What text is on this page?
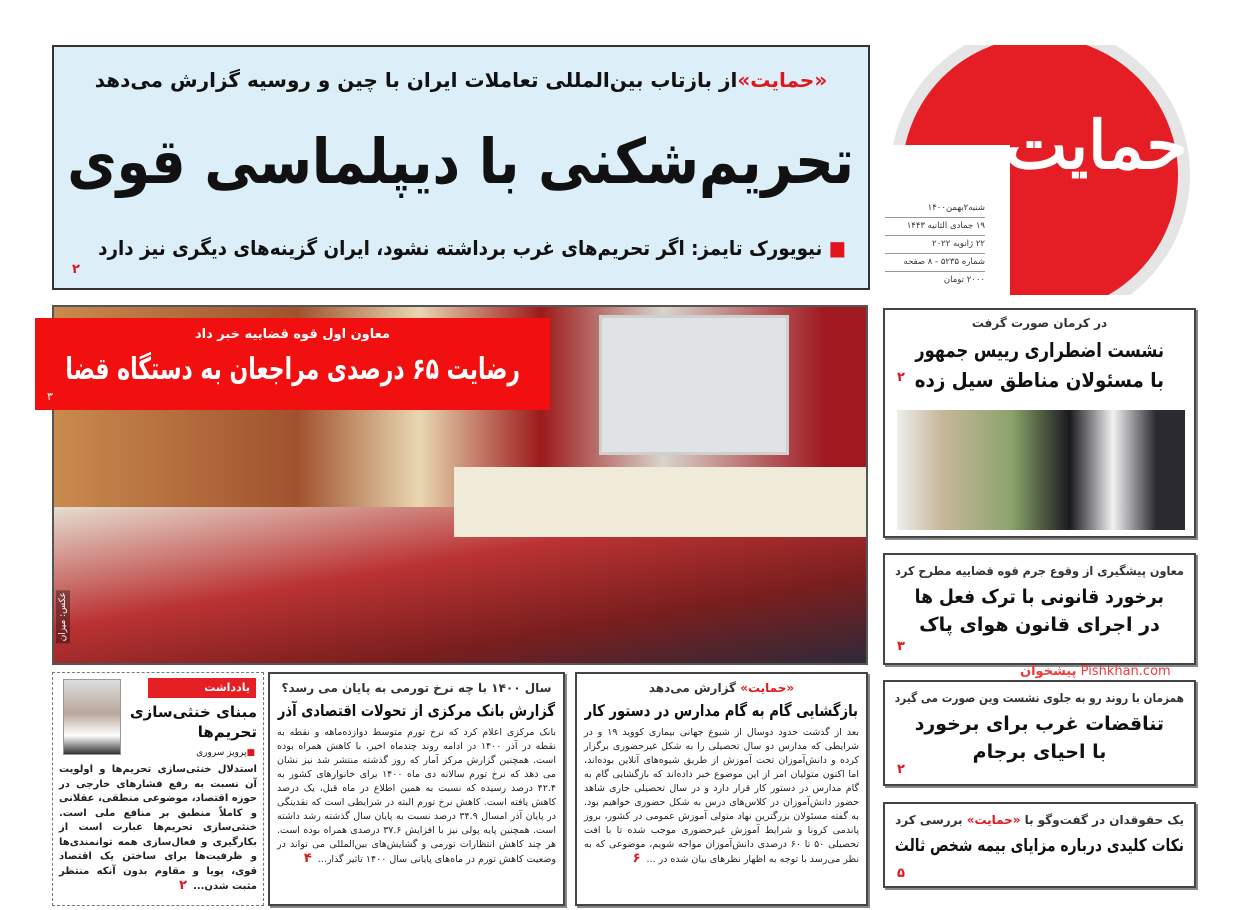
«حمایت»از بازتاب بین‌المللی تعاملات ایران با چین و روسیه گزارش می‌دهد
تحریم‌شکنی با دیپلماسی قوی
■ نیویورک تایمز: اگر تحریم‌های غرب برداشته نشود، ایران گزینه‌های دیگری نیز دارد
۲
حمایت
شنبه۲بهمن۱۴۰۰
۱۹ جمادی الثانیه ۱۴۴۳
۲۲ ژانویه ۲۰۲۲
شماره ۵۲۳۵ - ۸ صفحه
۲۰۰۰ تومان
عکس: میزان
معاون اول قوه قضاییه خبر داد
رضایت ۶۵ درصدی مراجعان به دستگاه قضا
۳
در کرمان صورت گرفت
نشست اضطراری رییس جمهور
با مسئولان مناطق سیل زده
۲
معاون پیشگیری از وقوع جرم قوه قضاییه مطرح کرد
برخورد قانونی با ترک فعل ها
در اجرای قانون هوای پاک
۳
پیشخوان Pishkhan.com
همزمان با روند رو به جلوی نشست وین صورت می گیرد
تناقضات غرب برای برخورد
با احیای برجام
۲
یک حقوقدان در گفت‌وگو با «حمایت» بررسی کرد
نکات کلیدی درباره مزایای بیمه شخص ثالث
۵
یادداشت
مبنای خنثی‌سازی تحریم‌ها
■پرویز سروری
استدلال خنثی‌سازی تحریم‌ها و اولویت آن نسبت به رفع فشارهای خارجی در حوزه اقتصاد، موضوعی منطقی، عقلانی و کاملاً منطبق بر منافع ملی است. خنثی‌سازی تحریم‌ها عبارت است از بکارگیری و فعال‌سازی همه توانمندی‌ها و ظرفیت‌ها برای ساختن یک اقتصاد قوی، پویا و مقاوم بدون آنکه منتظر مثبت شدن...۲
سال ۱۴۰۰ با چه نرخ تورمی به پایان می رسد؟
گزارش بانک مرکزی از تحولات اقتصادی آذر
بانک مرکزی اعلام کرد که نرخ تورم متوسط دوازده‌ماهه و نقطه به نقطه در آذر ۱۴۰۰ در ادامه روند چندماه اخیر، با کاهش همراه بوده است. همچنین گزارش مرکز آمار که روز گذشته منتشر شد نیز نشان می دهد که نرخ تورم سالانه دی ماه ۱۴۰۰ برای خانوارهای کشور به ۴۲.۴ درصد رسیده که نسبت به همین اطلاع در ماه قبل، یک درصد کاهش یافته است. کاهش نرخ تورم البته در شرایطی است که نقدینگی در پایان آذر امسال ۳۴.۹ درصد نسبت به پایان سال گذشته رشد داشته است. همچنین پایه پولی نیز با افزایش ۳۷.۶ درصدی همراه بوده است. هر چند کاهش انتظارات تورمی و گشایش‌های بین‌المللی می تواند در وضعیت کاهش تورم در ماه‌های پایانی سال ۱۴۰۰ تاثیر گذار...۴
«حمایت» گزارش می‌دهد
بازگشایی گام به گام مدارس در دستور کار
بعد از گذشت حدود دوسال از شیوع جهانی بیماری کووید ۱۹ و در شرایطی که مدارس دو سال تحصیلی را به شکل غیرحضوری برگزار کرده و دانش‌آموزان تحت آموزش از طریق شیوه‌های آنلاین بوده‌اند، اما اکنون متولیان امر از این موضوع خبر داده‌اند که بازگشایی گام به گام مدارس در دستور کار قرار دارد و در سال تحصیلی جاری شاهد حضور دانش‌آموزان در کلاس‌های درس به شکل حضوری خواهیم بود. به گفته مسئولان بزرگترین نهاد متولی آموزش عمومی در کشور، بروز پاندمی کرونا و شرایط آموزش غیرحضوری موجب شده تا با افت تحصیلی ۵۰ تا ۶۰ درصدی دانش‌آموزان مواجه شویم، موضوعی که به نظر می‌رسد با توجه به اظهار نظرهای بیان شده در ...۶
